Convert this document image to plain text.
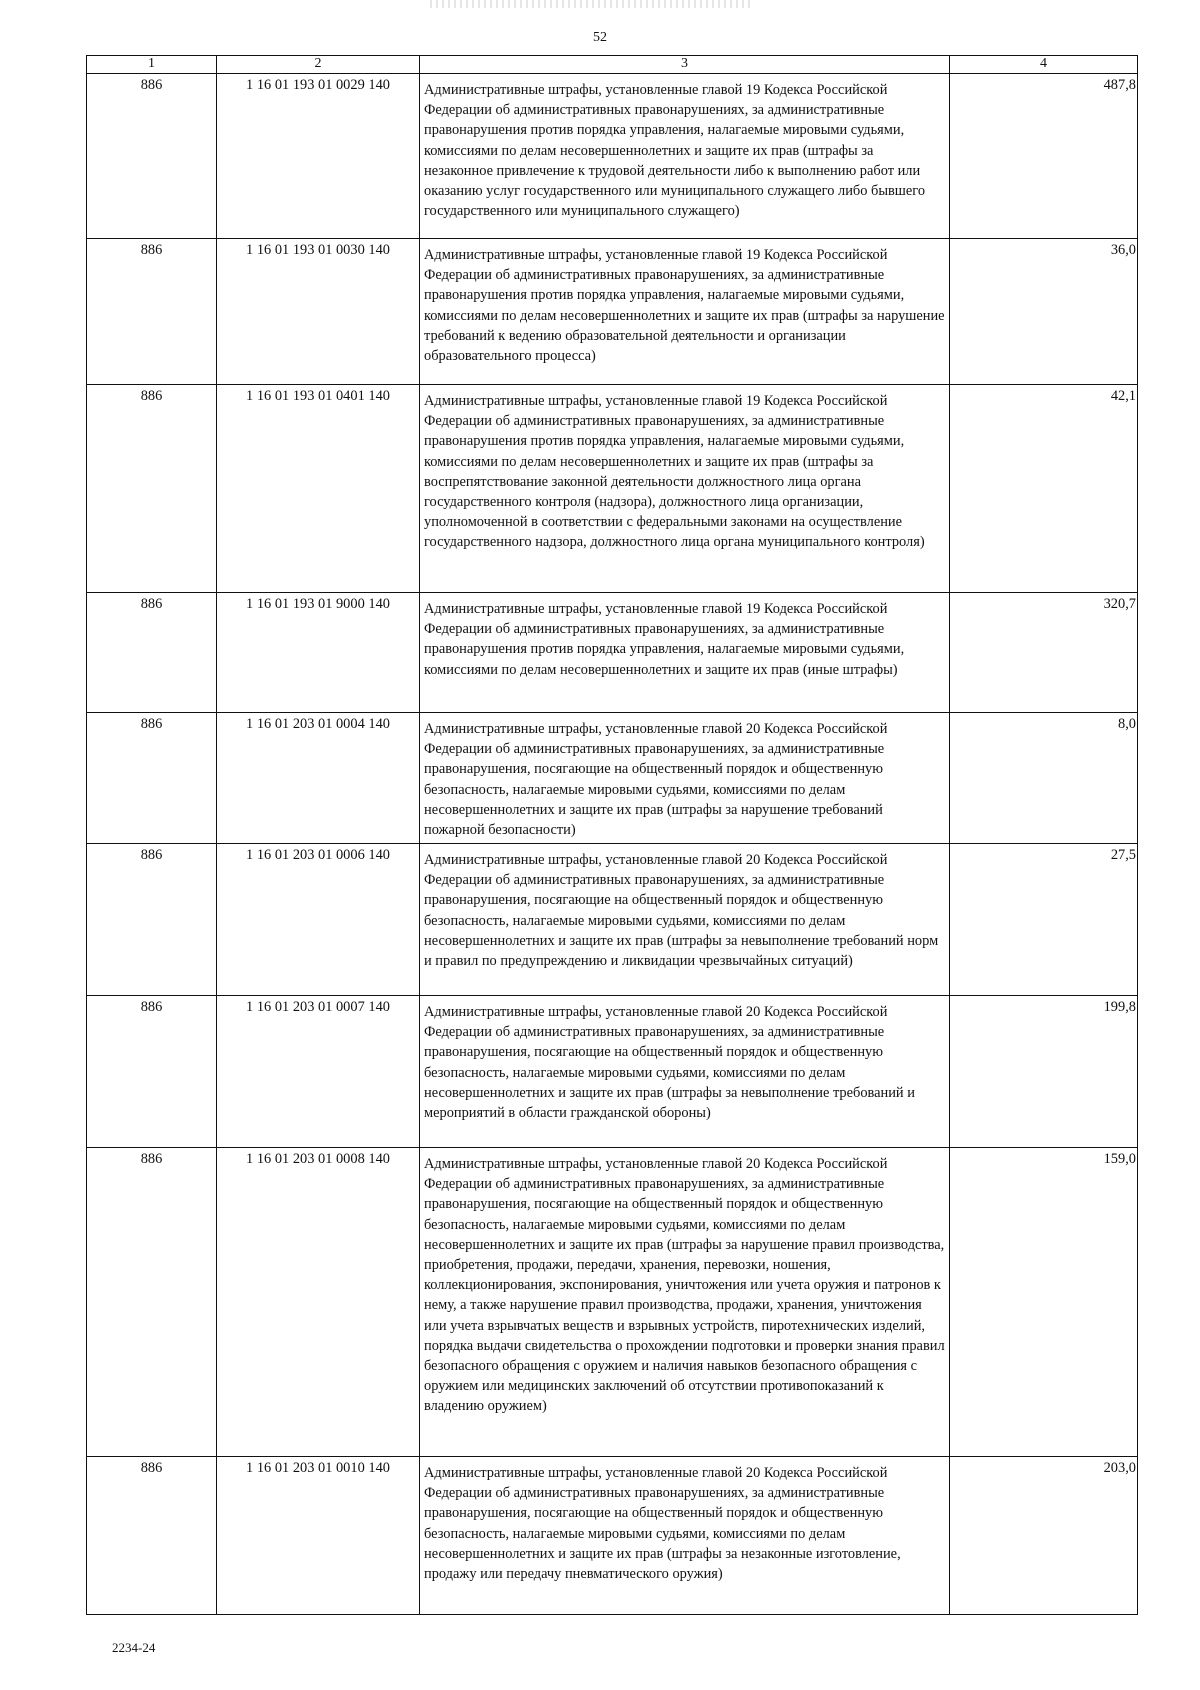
52
1	2	3	4
886	1 16 01 193 01 0029 140	Административные штрафы, установленные главой 19 Кодекса Российской Федерации об административных правонарушениях, за административные правонарушения против порядка управления, налагаемые мировыми судьями, комиссиями по делам несовершеннолетних и защите их прав (штрафы за незаконное привлечение к трудовой деятельности либо к выполнению работ или оказанию услуг государственного или муниципального служащего либо бывшего государственного или муниципального служащего)	487,8
886	1 16 01 193 01 0030 140	Административные штрафы, установленные главой 19 Кодекса Российской Федерации об административных правонарушениях, за административные правонарушения против порядка управления, налагаемые мировыми судьями, комиссиями по делам несовершеннолетних и защите их прав (штрафы за нарушение требований к ведению образовательной деятельности и организации образовательного процесса)	36,0
886	1 16 01 193 01 0401 140	Административные штрафы, установленные главой 19 Кодекса Российской Федерации об административных правонарушениях, за административные правонарушения против порядка управления, налагаемые мировыми судьями, комиссиями по делам несовершеннолетних и защите их прав (штрафы за воспрепятствование законной деятельности должностного лица органа государственного контроля (надзора), должностного лица организации, уполномоченной в соответствии с федеральными законами на осуществление государственного надзора, должностного лица органа муниципального контроля)	42,1
886	1 16 01 193 01 9000 140	Административные штрафы, установленные главой 19 Кодекса Российской Федерации об административных правонарушениях, за административные правонарушения против порядка управления, налагаемые мировыми судьями, комиссиями по делам несовершеннолетних и защите их прав (иные штрафы)	320,7
886	1 16 01 203 01 0004 140	Административные штрафы, установленные главой 20 Кодекса Российской Федерации об административных правонарушениях, за административные правонарушения, посягающие на общественный порядок и общественную безопасность, налагаемые мировыми судьями, комиссиями по делам несовершеннолетних и защите их прав (штрафы за нарушение требований пожарной безопасности)	8,0
886	1 16 01 203 01 0006 140	Административные штрафы, установленные главой 20 Кодекса Российской Федерации об административных правонарушениях, за административные правонарушения, посягающие на общественный порядок и общественную безопасность, налагаемые мировыми судьями, комиссиями по делам несовершеннолетних и защите их прав (штрафы за невыполнение требований норм и правил по предупреждению и ликвидации чрезвычайных ситуаций)	27,5
886	1 16 01 203 01 0007 140	Административные штрафы, установленные главой 20 Кодекса Российской Федерации об административных правонарушениях, за административные правонарушения, посягающие на общественный порядок и общественную безопасность, налагаемые мировыми судьями, комиссиями по делам несовершеннолетних и защите их прав (штрафы за невыполнение требований и мероприятий в области гражданской обороны)	199,8
886	1 16 01 203 01 0008 140	Административные штрафы, установленные главой 20 Кодекса Российской Федерации об административных правонарушениях, за административные правонарушения, посягающие на общественный порядок и общественную безопасность, налагаемые мировыми судьями, комиссиями по делам несовершеннолетних и защите их прав (штрафы за нарушение правил производства, приобретения, продажи, передачи, хранения, перевозки, ношения, коллекционирования, экспонирования, уничтожения или учета оружия и патронов к нему, а также нарушение правил производства, продажи, хранения, уничтожения или учета взрывчатых веществ и взрывных устройств, пиротехнических изделий, порядка выдачи свидетельства о прохождении подготовки и проверки знания правил безопасного обращения с оружием и наличия навыков безопасного обращения с оружием или медицинских заключений об отсутствии противопоказаний к владению оружием)	159,0
886	1 16 01 203 01 0010 140	Административные штрафы, установленные главой 20 Кодекса Российской Федерации об административных правонарушениях, за административные правонарушения, посягающие на общественный порядок и общественную безопасность, налагаемые мировыми судьями, комиссиями по делам несовершеннолетних и защите их прав (штрафы за незаконные изготовление, продажу или передачу пневматического оружия)	203,0
2234-24
